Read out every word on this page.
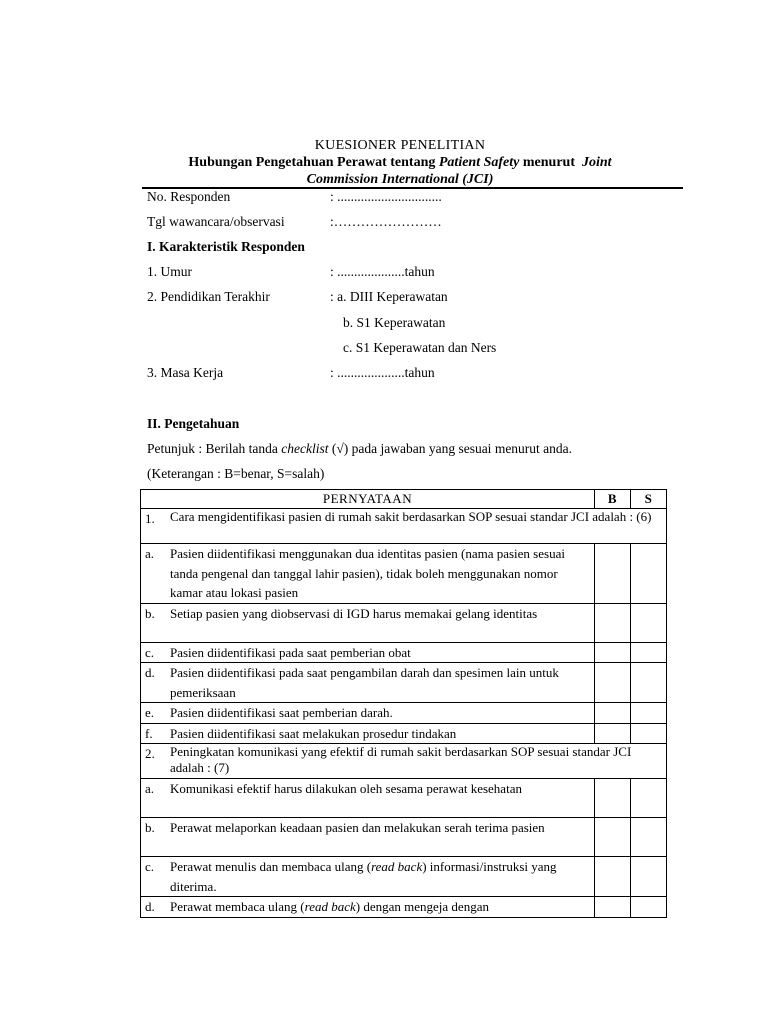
KUESIONER PENELITIAN
Hubungan Pengetahuan Perawat tentang Patient Safety menurut  Joint
Commission International (JCI)
No. Responden	: ...............................
Tgl wawancara/observasi	:……………………
I. Karakteristik Responden
1. Umur	: ....................tahun
2. Pendidikan Terakhir	: a. DIII Keperawatan
b. S1 Keperawatan
c. S1 Keperawatan dan Ners
3. Masa Kerja	: ....................tahun
II. Pengetahuan
Petunjuk : Berilah tanda checklist (√) pada jawaban yang sesuai menurut anda.
(Keterangan : B=benar, S=salah)
PERNYATAAN	B	S

1. Cara mengidentifikasi pasien di rumah sakit berdasarkan SOP sesuai standar JCI adalah : (6)		

a. Pasien diidentifikasi menggunakan dua identitas pasien (nama pasien sesuai tanda pengenal dan tanggal lahir pasien), tidak boleh menggunakan nomor kamar atau lokasi pasien		

b. Setiap pasien yang diobservasi di IGD harus memakai gelang identitas		

c. Pasien diidentifikasi pada saat pemberian obat		

d. Pasien diidentifikasi pada saat pengambilan darah dan spesimen lain untuk pemeriksaan		

e. Pasien diidentifikasi saat pemberian darah.		

f. Pasien diidentifikasi saat melakukan prosedur tindakan		

2. Peningkatan komunikasi yang efektif di rumah sakit berdasarkan SOP sesuai standar JCI adalah : (7)		

a. Komunikasi efektif harus dilakukan oleh sesama perawat kesehatan		

b. Perawat melaporkan keadaan pasien dan melakukan serah terima pasien		

c. Perawat menulis dan membaca ulang (read back) informasi/instruksi yang diterima.		

d. Perawat membaca ulang (read back) dengan mengeja dengan		
